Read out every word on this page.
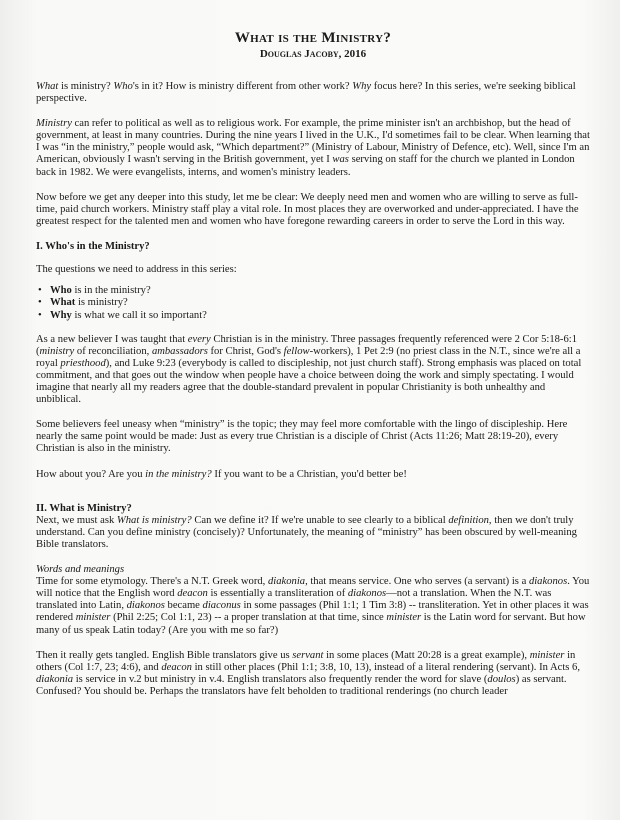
What is the Ministry?
Douglas Jacoby, 2016

What is ministry? Who's in it? How is ministry different from other work? Why focus here? In this series, we're seeking biblical perspective.

Ministry can refer to political as well as to religious work. For example, the prime minister isn't an archbishop, but the head of government, at least in many countries. During the nine years I lived in the U.K., I'd sometimes fail to be clear. When learning that I was “in the ministry,” people would ask, “Which department?” (Ministry of Labour, Ministry of Defence, etc). Well, since I'm an American, obviously I wasn't serving in the British government, yet I was serving on staff for the church we planted in London back in 1982. We were evangelists, interns, and women's ministry leaders.

Now before we get any deeper into this study, let me be clear: We deeply need men and women who are willing to serve as full-time, paid church workers. Ministry staff play a vital role. In most places they are overworked and under-appreciated. I have the greatest respect for the talented men and women who have foregone rewarding careers in order to serve the Lord in this way.

I. Who's in the Ministry?

The questions we need to address in this series:

• Who is in the ministry?
• What is ministry?
• Why is what we call it so important?

As a new believer I was taught that every Christian is in the ministry. Three passages frequently referenced were 2 Cor 5:18-6:1 (ministry of reconciliation, ambassadors for Christ, God's fellow-workers), 1 Pet 2:9 (no priest class in the N.T., since we're all a royal priesthood), and Luke 9:23 (everybody is called to discipleship, not just church staff). Strong emphasis was placed on total commitment, and that goes out the window when people have a choice between doing the work and simply spectating. I would imagine that nearly all my readers agree that the double-standard prevalent in popular Christianity is both unhealthy and unbiblical.

Some believers feel uneasy when “ministry” is the topic; they may feel more comfortable with the lingo of discipleship. Here nearly the same point would be made: Just as every true Christian is a disciple of Christ (Acts 11:26; Matt 28:19-20), every Christian is also in the ministry.

How about you? Are you in the ministry? If you want to be a Christian, you'd better be!

II. What is Ministry?

Next, we must ask What is ministry? Can we define it? If we're unable to see clearly to a biblical definition, then we don't truly understand. Can you define ministry (concisely)? Unfortunately, the meaning of “ministry” has been obscured by well-meaning Bible translators.

Words and meanings

Time for some etymology. There's a N.T. Greek word, diakonia, that means service. One who serves (a servant) is a diakonos. You will notice that the English word deacon is essentially a transliteration of diakonos—not a translation. When the N.T. was translated into Latin, diakonos became diaconus in some passages (Phil 1:1; 1 Tim 3:8) -- transliteration. Yet in other places it was rendered minister (Phil 2:25; Col 1:1, 23) -- a proper translation at that time, since minister is the Latin word for servant. But how many of us speak Latin today? (Are you with me so far?)

Then it really gets tangled. English Bible translators give us servant in some places (Matt 20:28 is a great example), minister in others (Col 1:7, 23; 4:6), and deacon in still other places (Phil 1:1; 3:8, 10, 13), instead of a literal rendering (servant). In Acts 6, diakonia is service in v.2 but ministry in v.4. English translators also frequently render the word for slave (doulos) as servant. Confused? You should be. Perhaps the translators have felt beholden to traditional renderings (no church leader
